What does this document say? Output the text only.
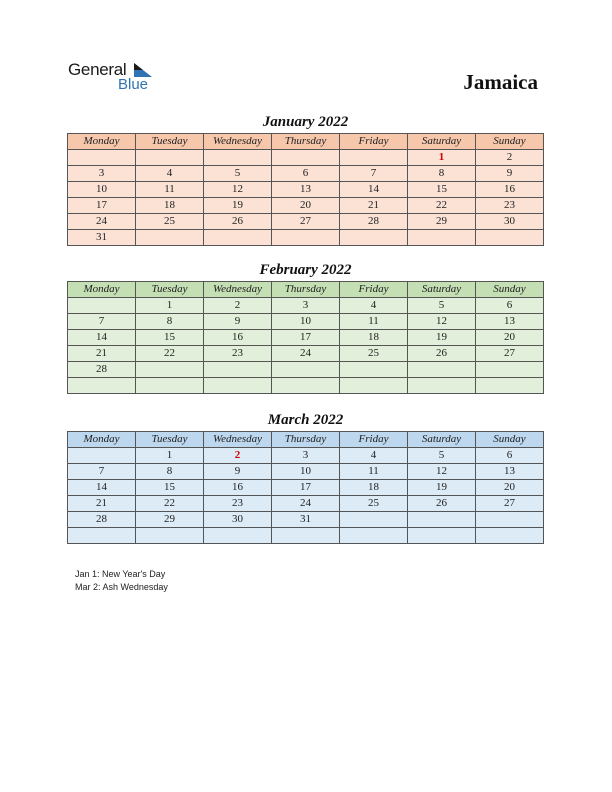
General
Blue	Jamaica
January 2022
Monday	Tuesday	Wednesday	Thursday	Friday	Saturday	Sunday
					1	2
3	4	5	6	7	8	9
10	11	12	13	14	15	16
17	18	19	20	21	22	23
24	25	26	27	28	29	30
31						
February 2022
Monday	Tuesday	Wednesday	Thursday	Friday	Saturday	Sunday
	1	2	3	4	5	6
7	8	9	10	11	12	13
14	15	16	17	18	19	20
21	22	23	24	25	26	27
28						

March 2022
Monday	Tuesday	Wednesday	Thursday	Friday	Saturday	Sunday
	1	2	3	4	5	6
7	8	9	10	11	12	13
14	15	16	17	18	19	20
21	22	23	24	25	26	27
28	29	30	31			

Jan 1: New Year's Day
Mar 2: Ash Wednesday
